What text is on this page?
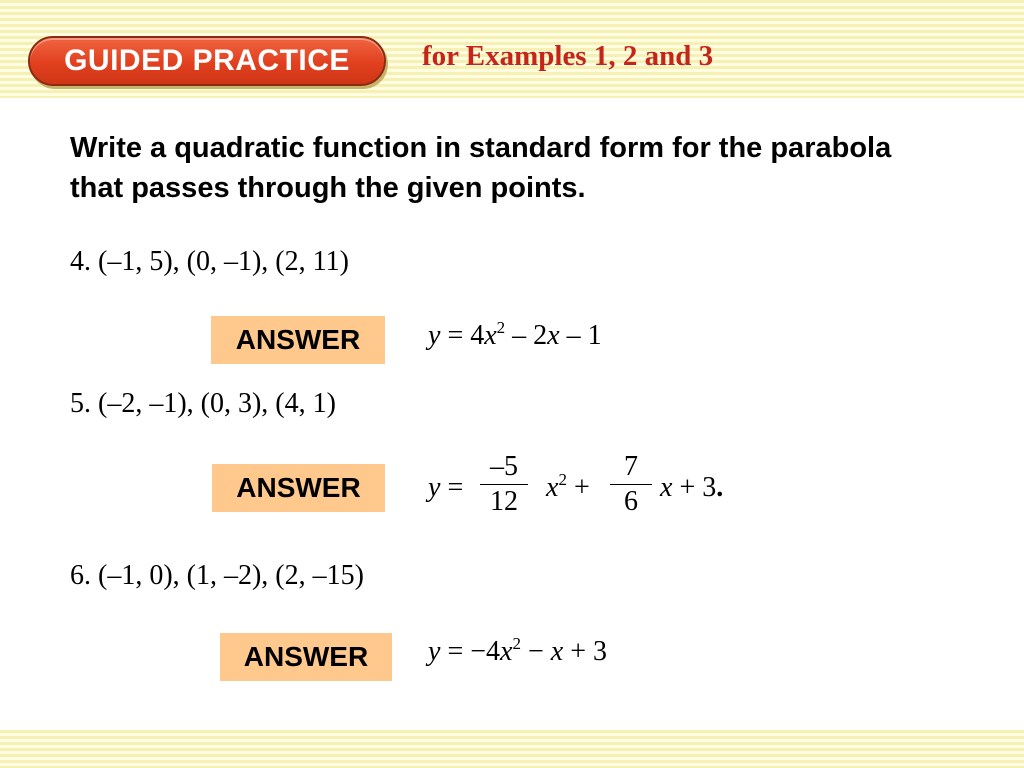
GUIDED PRACTICE	for Examples 1, 2 and 3
Write a quadratic function in standard form for the parabola that passes through the given points.
4. (–1, 5), (0, –1), (2, 11)
ANSWER	$y = 4x^2 - 2x - 1$
5. (–2, –1), (0, 3), (4, 1)
ANSWER	y =
–5
12	$x^2$ +
7
6 x + 3.
6. (–1, 0), (1, –2), (2, –15)
ANSWER	$y = -4x^2 - x + 3$
